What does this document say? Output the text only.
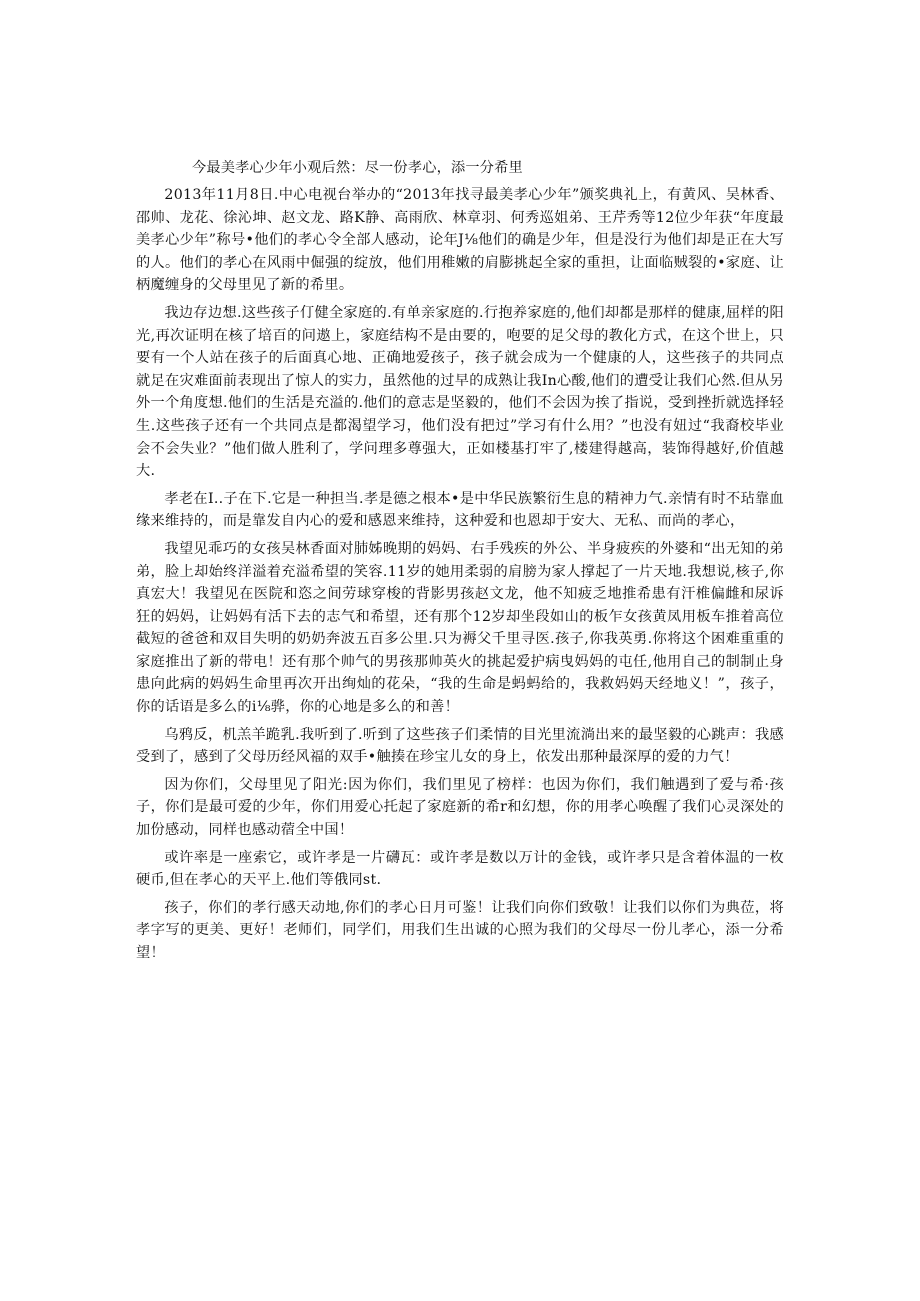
今最美孝心少年小观后然：尽一份孝心，添一分希里

2013年11月8日.中心电视台举办的“2013年找寻最美孝心少年”颁奖典礼上，有黄风、吴林香、邵帅、龙花、徐沁坤、赵文龙、路K静、高雨欣、林章羽、何秀巡姐弟、王芹秀等12位少年获“年度最美孝心少年”称号•他们的孝心令全部人感动，论年J⅛他们的确是少年，但是没行为他们却是正在大写的人。他们的孝心在风雨中倔强的绽放，他们用稚嫩的肩膨挑起全家的重担，让面临贼裂的•家庭、让柄魔缠身的父母里见了新的希里。

我边存边想.这些孩子仃健全家庭的.有单亲家庭的.行抱养家庭的,他们却都是那样的健康,屈样的阳光,再次证明在核了培百的问遨上，家庭结构不是由要的，咆要的足父母的教化方式，在这个世上，只要有一个人站在孩子的后面真心地、正确地爱孩子，孩子就会成为一个健康的人，这些孩子的共同点就足在灾难面前表现出了惊人的实力，虽然他的过早的成熟让我In心酸,他们的遭受让我们心然.但从另外一个角度想.他们的生活是充溢的.他们的意志是坚毅的，他们不会因为挨了指说，受到挫折就选择轻生.这些孩子还有一个共同点是都渴望学习，他们没有把过”学习有什么用？”也没有妞过“我裔校毕业会不会失业？”他们做人胜利了，学问理多尊强大，正如楼基打牢了,楼建得越高，装饰得越好,价值越大.

孝老在I..子在下.它是一种担当.孝是德之根本•是中华民族繁衍生息的精神力气.亲情有时不玷靠血缘来维持的，而是靠发自内心的爱和感恩来维持，这种爱和也恩却于安大、无私、而尚的孝心，

我望见乖巧的女孩吴林香面对肺姊晚期的妈妈、右手残疾的外公、半身疲疾的外婆和“出无知的弟弟，脸上却始终洋溢着充溢希望的笑容.11岁的她用柔弱的肩膀为家人撑起了一片天地.我想说,核子,你真宏大！我望见在医院和恣之间劳球穿梭的背影男孩赵文龙，他不知疲乏地推希患有汗椎偏雌和尿诉狂的妈妈，让妈妈有活下去的志气和希望，还有那个12岁却坐段如山的板乍女孩黄凤用板车推着高位截短的爸爸和双目失明的奶奶奔波五百多公里.只为褥父千里寻医.孩子,你我英勇.你将这个困难重重的家庭推出了新的带电！还有那个帅气的男孩那帅英火的挑起爱护病曳妈妈的屯任,他用自己的制制止身患向此病的妈妈生命里再次开出绚灿的花朵，“我的生命是蚂蚂给的，我救妈妈天经地义！”，孩子，你的话语是多么的i⅛骅，你的心地是多么的和善！

乌鸦反，机羔羊跪乳.我听到了.听到了这些孩子们柔情的目光里流淌出来的最坚毅的心跳声：我感受到了，感到了父母历经风福的双手•触揍在珍宝儿女的身上，依发出那种最深厚的爱的力气！

因为你们，父母里见了阳光:因为你们，我们里见了榜样：也因为你们，我们触遇到了爱与希·孩子，你们是最可爱的少年，你们用爱心托起了家庭新的希r和幻想，你的用孝心唤醒了我们心灵深处的加份感动，同样也感动蓿全中国！

或许率是一座索它，或许孝是一片礴瓦：或许孝是数以万计的金钱，或许孝只是含着体温的一枚硬币,但在孝心的天平上.他们等俄同st.

孩子，你们的孝行感天动地,你们的孝心日月可鉴！让我们向你们致敬！让我们以你们为典莅，将孝字写的更美、更好！老师们，同学们，用我们生出诚的心照为我们的父母尽一份儿孝心，添一分希望！
